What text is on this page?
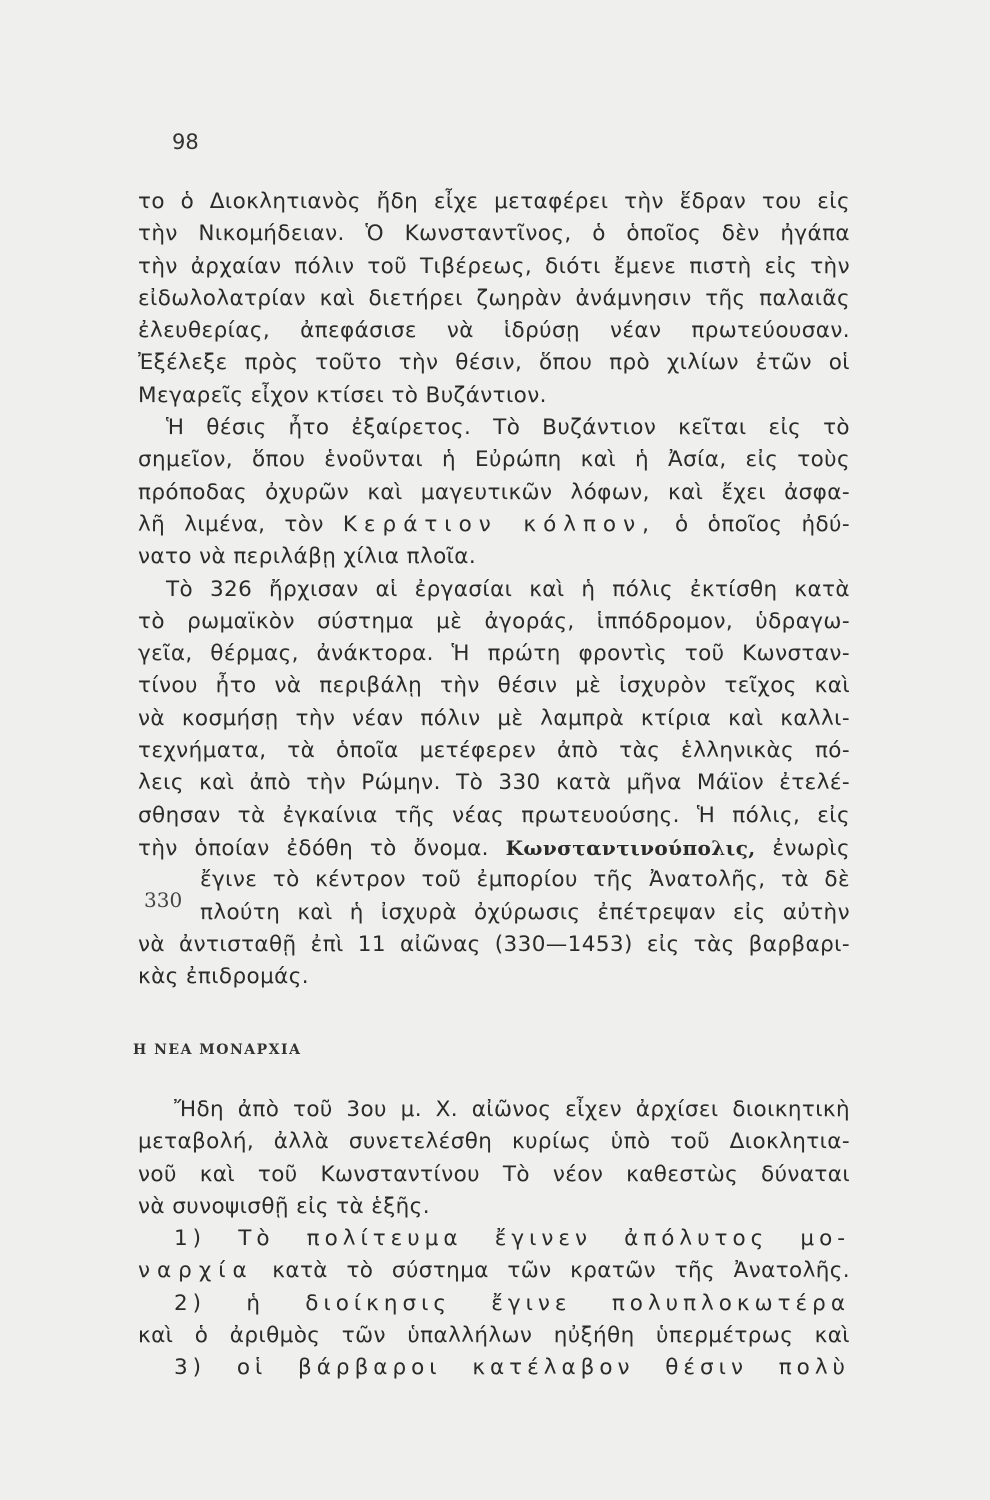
98
το ὁ Διοκλητιανὸς ἤδη εἶχε μεταφέρει τὴν ἕδραν του εἰς
τὴν Νικομήδειαν. Ὁ Κωνσταντῖνος, ὁ ὁποῖος δὲν ἠγάπα
τὴν ἀρχαίαν πόλιν τοῦ Τιβέρεως, διότι ἔμενε πιστὴ εἰς τὴν
εἰδωλολατρίαν καὶ διετήρει ζωηρὰν ἀνάμνησιν τῆς παλαιᾶς
ἐλευθερίας, ἀπεφάσισε νὰ ἱδρύσῃ νέαν πρωτεύουσαν.
Ἐξέλεξε πρὸς τοῦτο τὴν θέσιν, ὅπου πρὸ χιλίων ἐτῶν οἱ
Μεγαρεῖς εἶχον κτίσει τὸ Βυζάντιον.
Ἡ θέσις ἦτο ἐξαίρετος. Τὸ Βυζάντιον κεῖται εἰς τὸ
σημεῖον, ὅπου ἑνοῦνται ἡ Εὐρώπη καὶ ἡ Ἀσία, εἰς τοὺς
πρόποδας ὀχυρῶν καὶ μαγευτικῶν λόφων, καὶ ἔχει ἀσφα-
λῆ λιμένα, τὸν Κεράτιον κόλπον, ὁ ὁποῖος ἠδύ-
νατο νὰ περιλάβῃ χίλια πλοῖα.
Τὸ 326 ἤρχισαν αἱ ἐργασίαι καὶ ἡ πόλις ἐκτίσθη κατὰ
τὸ ρωμαϊκὸν σύστημα μὲ ἀγοράς, ἱππόδρομον, ὑδραγω-
γεῖα, θέρμας, ἀνάκτορα. Ἡ πρώτη φροντὶς τοῦ Κωνσταν-
τίνου ἦτο νὰ περιβάλῃ τὴν θέσιν μὲ ἰσχυρὸν τεῖχος καὶ
νὰ κοσμήσῃ τὴν νέαν πόλιν μὲ λαμπρὰ κτίρια καὶ καλλι-
τεχνήματα, τὰ ὁποῖα μετέφερεν ἀπὸ τὰς ἑλληνικὰς πό-
λεις καὶ ἀπὸ τὴν Ρώμην. Τὸ 330 κατὰ μῆνα Μάϊον ἐτελέ-
σθησαν τὰ ἐγκαίνια τῆς νέας πρωτευούσης. Ἡ πόλις, εἰς
τὴν ὁποίαν ἐδόθη τὸ ὄνομα. Κωνσταντινούπολις, ἐνωρὶς
ἔγινε τὸ κέντρον τοῦ ἐμπορίου τῆς Ἀνατολῆς, τὰ δὲ
πλούτη καὶ ἡ ἰσχυρὰ ὀχύρωσις ἐπέτρεψαν εἰς αὐτὴν
νὰ ἀντισταθῇ ἐπὶ 11 αἰῶνας (330—1453) εἰς τὰς βαρβαρι-
κὰς ἐπιδρομάς.
330
Η ΝΕΑ ΜΟΝΑΡΧΙΑ
Ἤδη ἀπὸ τοῦ 3ου μ. Χ. αἰῶνος εἶχεν ἀρχίσει διοικητικὴ
μεταβολή, ἀλλὰ συνετελέσθη κυρίως ὑπὸ τοῦ Διοκλητια-
νοῦ καὶ τοῦ Κωνσταντίνου Τὸ νέον καθεστὼς δύναται
νὰ συνοψισθῇ εἰς τὰ ἑξῆς.
1) Τὸ πολίτευμα ἔγινεν ἀπόλυτος μο-
ναρχία κατὰ τὸ σύστημα τῶν κρατῶν τῆς Ἀνατολῆς.
2) ἡ διοίκησις ἔγινε πολυπλοκωτέρα
καὶ ὁ ἀριθμὸς τῶν ὑπαλλήλων ηὐξήθη ὑπερμέτρως καὶ
3) οἱ βάρβαροι κατέλαβον θέσιν πολὺ
